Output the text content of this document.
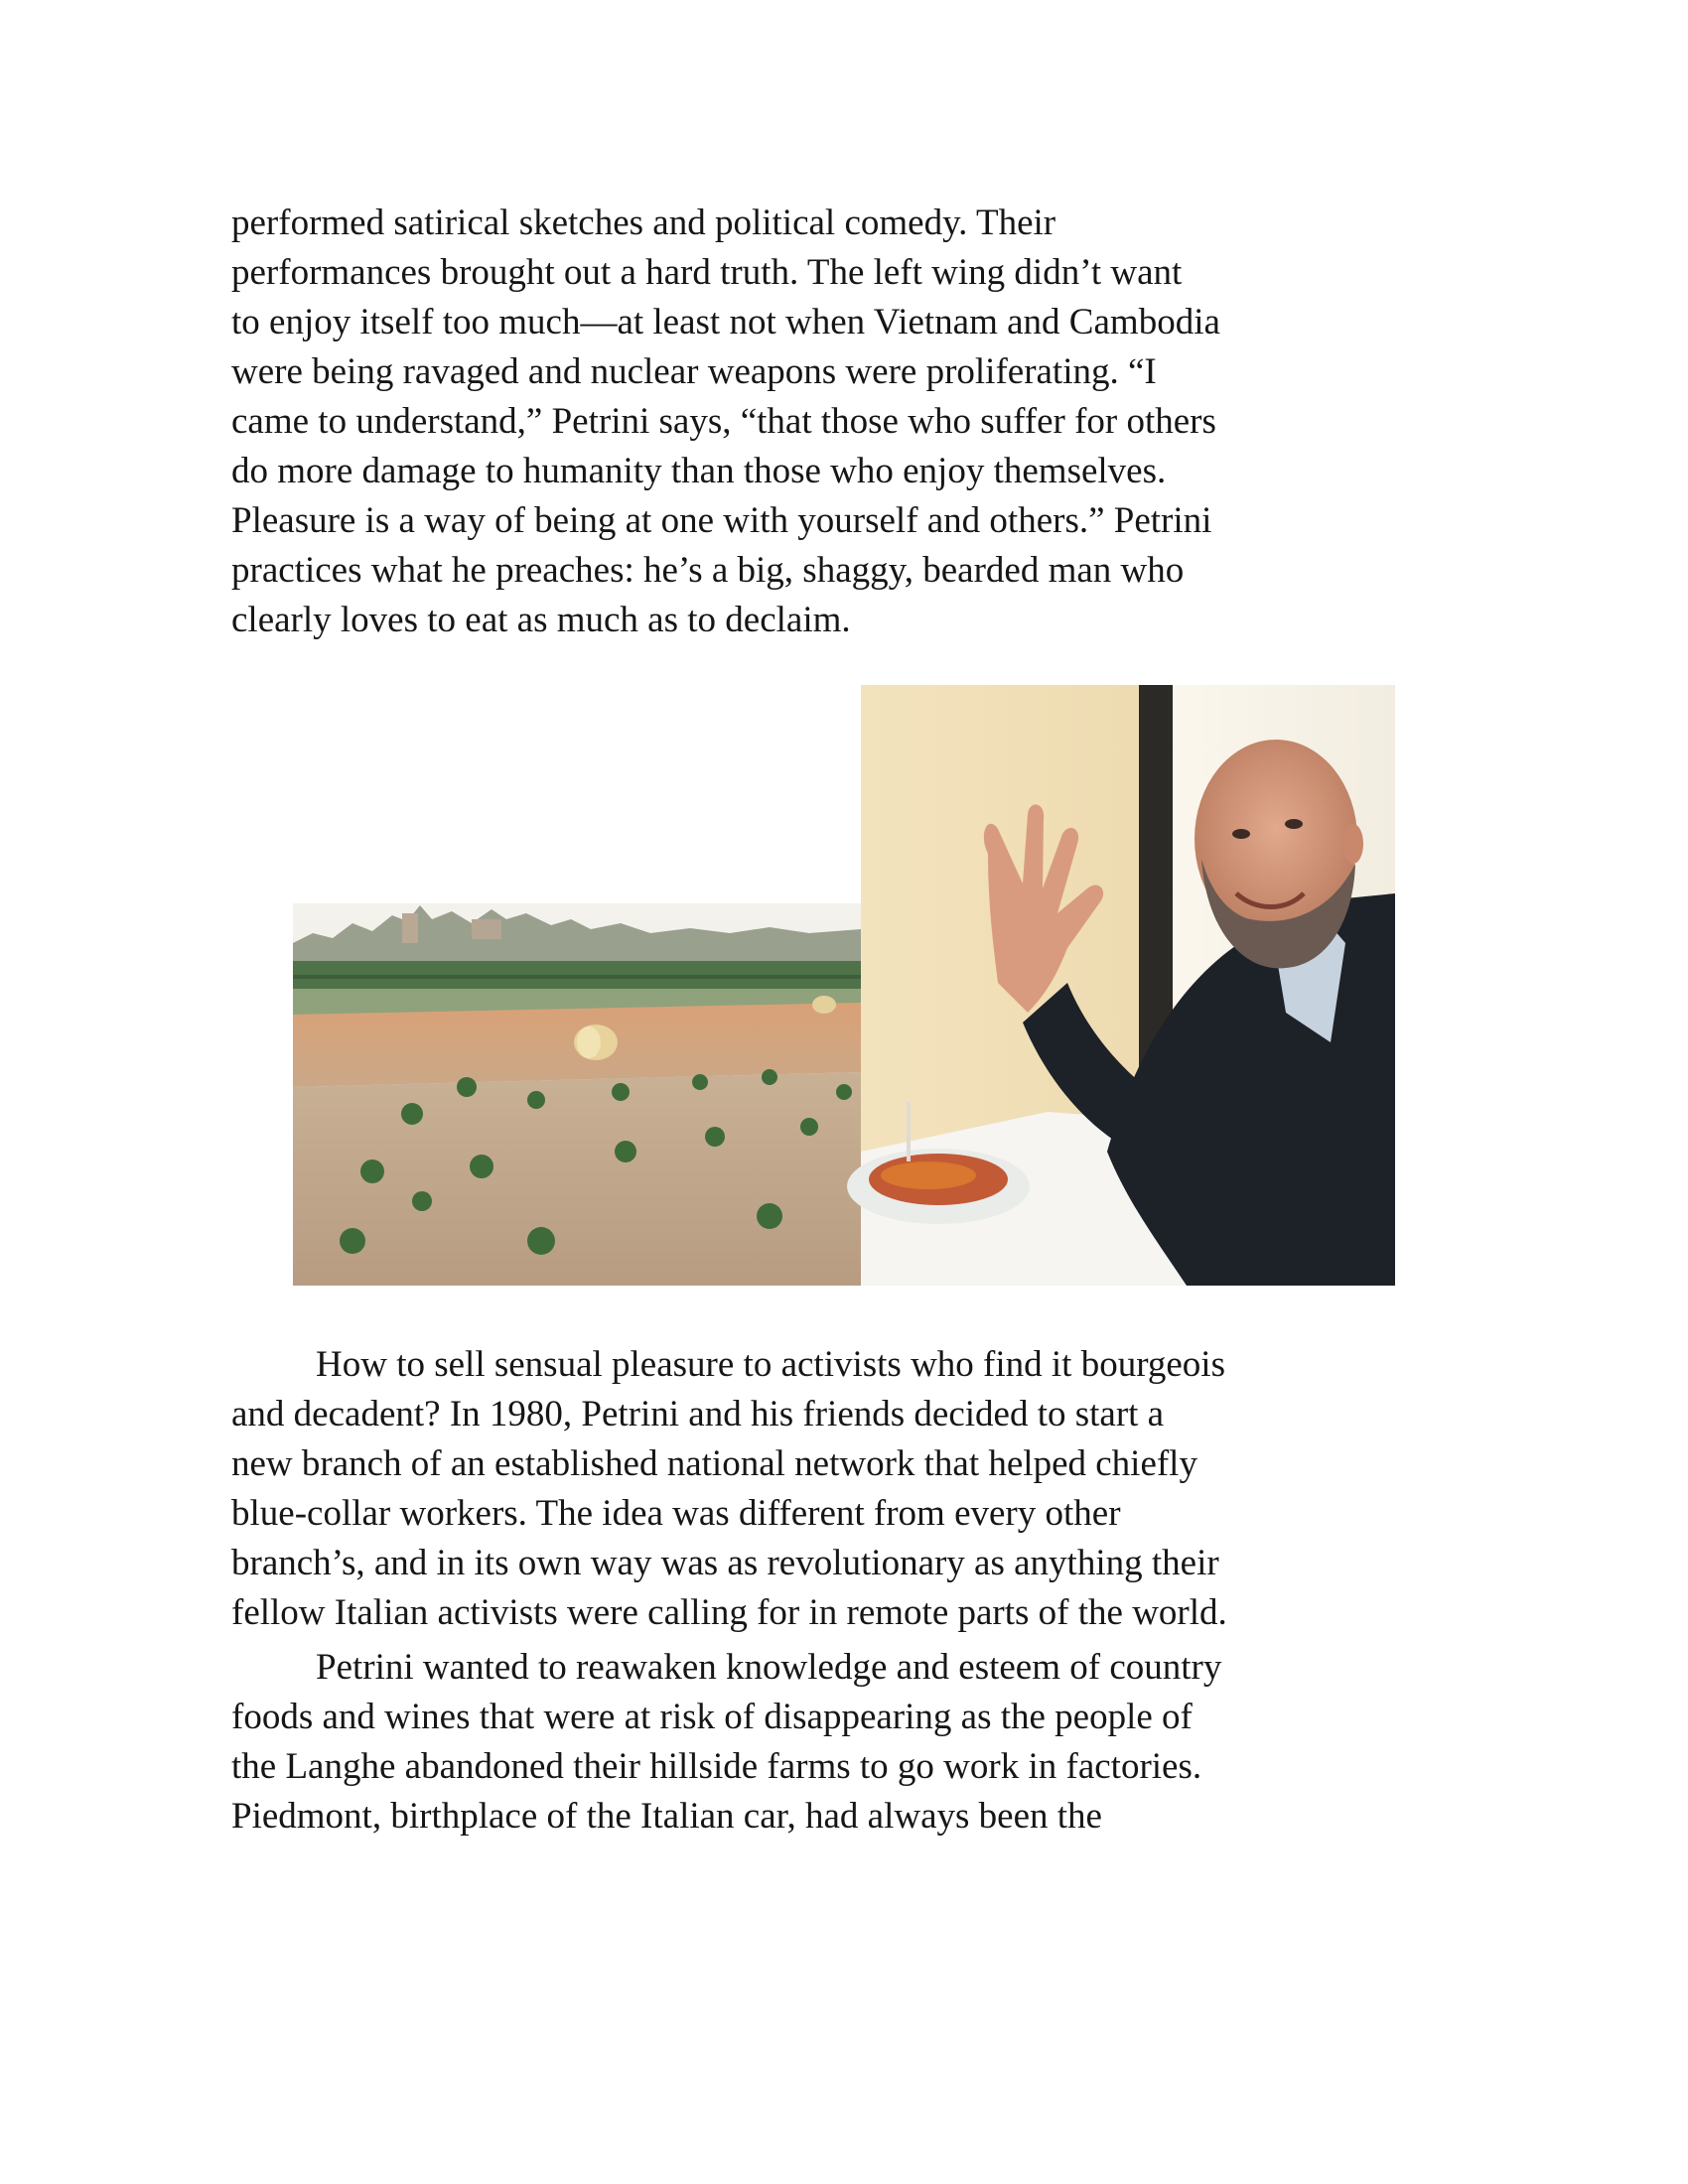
performed satirical sketches and political comedy. Their
performances brought out a hard truth. The left wing didn’t want
to enjoy itself too much—at least not when Vietnam and Cambodia
were being ravaged and nuclear weapons were proliferating. “I
came to understand,” Petrini says, “that those who suffer for others
do more damage to humanity than those who enjoy themselves.
Pleasure is a way of being at one with yourself and others.” Petrini
practices what he preaches: he’s a big, shaggy, bearded man who
clearly loves to eat as much as to declaim.
How to sell sensual pleasure to activists who find it bourgeois
and decadent? In 1980, Petrini and his friends decided to start a
new branch of an established national network that helped chiefly
blue-collar workers. The idea was different from every other
branch’s, and in its own way was as revolutionary as anything their
fellow Italian activists were calling for in remote parts of the world.
Petrini wanted to reawaken knowledge and esteem of country
foods and wines that were at risk of disappearing as the people of
the Langhe abandoned their hillside farms to go work in factories.
Piedmont, birthplace of the Italian car, had always been the
